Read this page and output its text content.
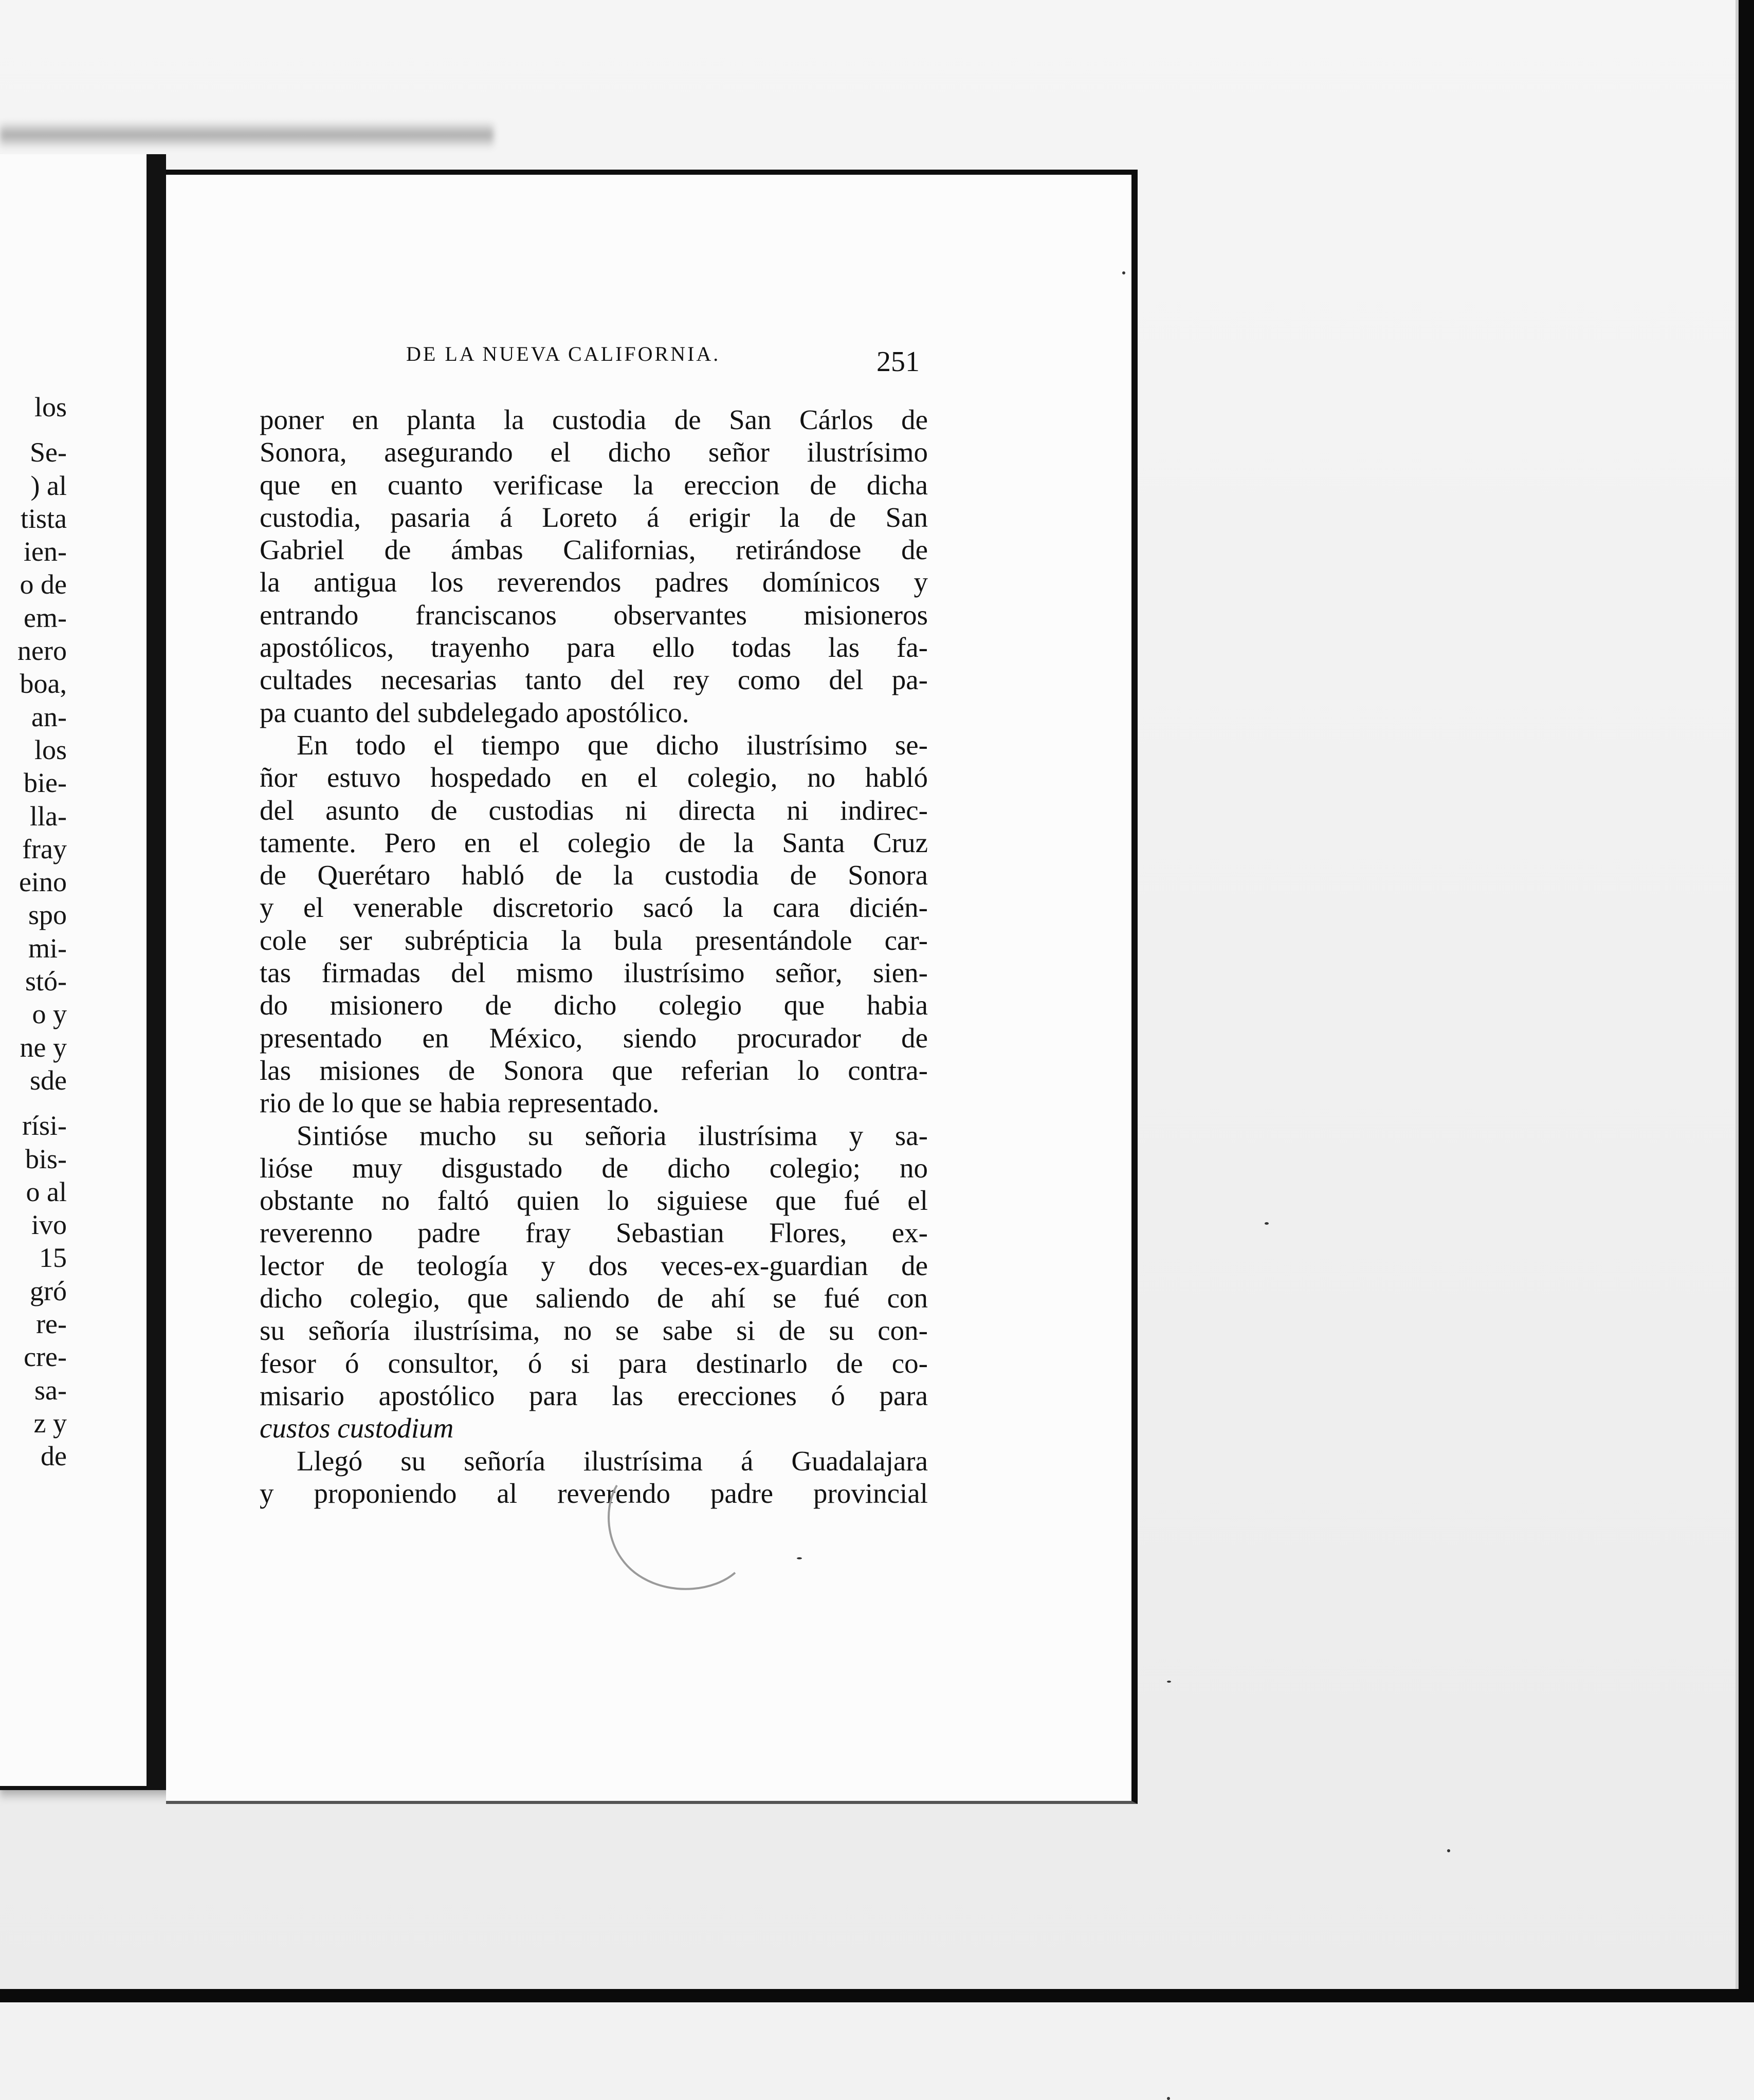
los
Se-
) al
tista
ien-
o de
em-
nero
boa,
an-
los
bie-
lla-
fray
eino
spo
mi-
stó-
o y
ne y
sde
rísi-
bis-
o al
ivo
15
gró
re-
cre-
sa-
z y
de
DE LA NUEVA CALIFORNIA.	251
poner en planta la custodia de San Cárlos de
Sonora, asegurando el dicho señor ilustrísimo
que en cuanto verificase la ereccion de dicha
custodia, pasaria á Loreto á erigir la de San
Gabriel de ámbas Californias, retirándose de
la antigua los reverendos padres domínicos y
entrando franciscanos observantes misioneros
apostólicos, trayenho para ello todas las fa-
cultades necesarias tanto del rey como del pa-
pa cuanto del subdelegado apostólico.
En todo el tiempo que dicho ilustrísimo se-
ñor estuvo hospedado en el colegio, no habló
del asunto de custodias ni directa ni indirec-
tamente. Pero en el colegio de la Santa Cruz
de Querétaro habló de la custodia de Sonora
y el venerable discretorio sacó la cara dicién-
cole ser subrépticia la bula presentándole car-
tas firmadas del mismo ilustrísimo señor, sien-
do misionero de dicho colegio que habia
presentado en México, siendo procurador de
las misiones de Sonora que referian lo contra-
rio de lo que se habia representado.
Sintióse mucho su señoria ilustrísima y sa-
lióse muy disgustado de dicho colegio; no
obstante no faltó quien lo siguiese que fué el
reverenno padre fray Sebastian Flores, ex-
lector de teología y dos veces-ex-guardian de
dicho colegio, que saliendo de ahí se fué con
su señoría ilustrísima, no se sabe si de su con-
fesor ó consultor, ó si para destinarlo de co-
misario apostólico para las erecciones ó para
custos custodium
Llegó su señoría ilustrísima á Guadalajara
y proponiendo al reverendo padre provincial
